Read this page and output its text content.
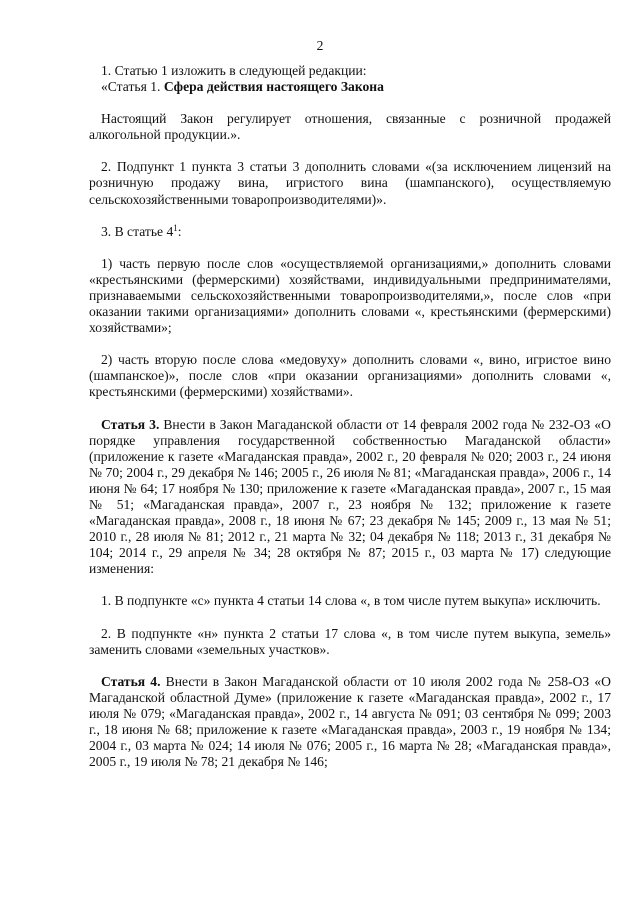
2

1. Статью 1 изложить в следующей редакции:

«Статья 1. Сфера действия настоящего Закона

Настоящий Закон регулирует отношения, связанные с розничной продажей алкогольной продукции.».

2. Подпункт 1 пункта 3 статьи 3 дополнить словами «(за исключением лицензий на розничную продажу вина, игристого вина (шампанского), осуществляемую сельскохозяйственными товаропроизводителями)».

3. В статье $4^1$:

1) часть первую после слов «осуществляемой организациями,» дополнить словами «крестьянскими (фермерскими) хозяйствами, индивидуальными предпринимателями, признаваемыми сельскохозяйственными товаропроизводителями,», после слов «при оказании такими организациями» дополнить словами «, крестьянскими (фермерскими) хозяйствами»;

2) часть вторую после слова «медовуху» дополнить словами «, вино, игристое вино (шампанское)», после слов «при оказании организациями» дополнить словами «, крестьянскими (фермерскими) хозяйствами».

Статья 3. Внести в Закон Магаданской области от 14 февраля 2002 года № 232-ОЗ «О порядке управления государственной собственностью Магаданской области» (приложение к газете «Магаданская правда», 2002 г., 20 февраля № 020; 2003 г., 24 июня № 70; 2004 г., 29 декабря № 146; 2005 г., 26 июля № 81; «Магаданская правда», 2006 г., 14 июня № 64; 17 ноября № 130; приложение к газете «Магаданская правда», 2007 г., 15 мая № 51; «Магаданская правда», 2007 г., 23 ноября № 132; приложение к газете «Магаданская правда», 2008 г., 18 июня № 67; 23 декабря № 145; 2009 г., 13 мая № 51; 2010 г., 28 июля № 81; 2012 г., 21 марта № 32; 04 декабря № 118; 2013 г., 31 декабря № 104; 2014 г., 29 апреля № 34; 28 октября № 87; 2015 г., 03 марта № 17) следующие изменения:

1. В подпункте «с» пункта 4 статьи 14 слова «, в том числе путем выкупа» исключить.

2. В подпункте «н» пункта 2 статьи 17 слова «, в том числе путем выкупа, земель» заменить словами «земельных участков».

Статья 4. Внести в Закон Магаданской области от 10 июля 2002 года № 258-ОЗ «О Магаданской областной Думе» (приложение к газете «Магаданская правда», 2002 г., 17 июля № 079; «Магаданская правда», 2002 г., 14 августа № 091; 03 сентября № 099; 2003 г., 18 июня № 68; приложение к газете «Магаданская правда», 2003 г., 19 ноября № 134; 2004 г., 03 марта № 024; 14 июля № 076; 2005 г., 16 марта № 28; «Магаданская правда», 2005 г., 19 июля № 78; 21 декабря № 146;
